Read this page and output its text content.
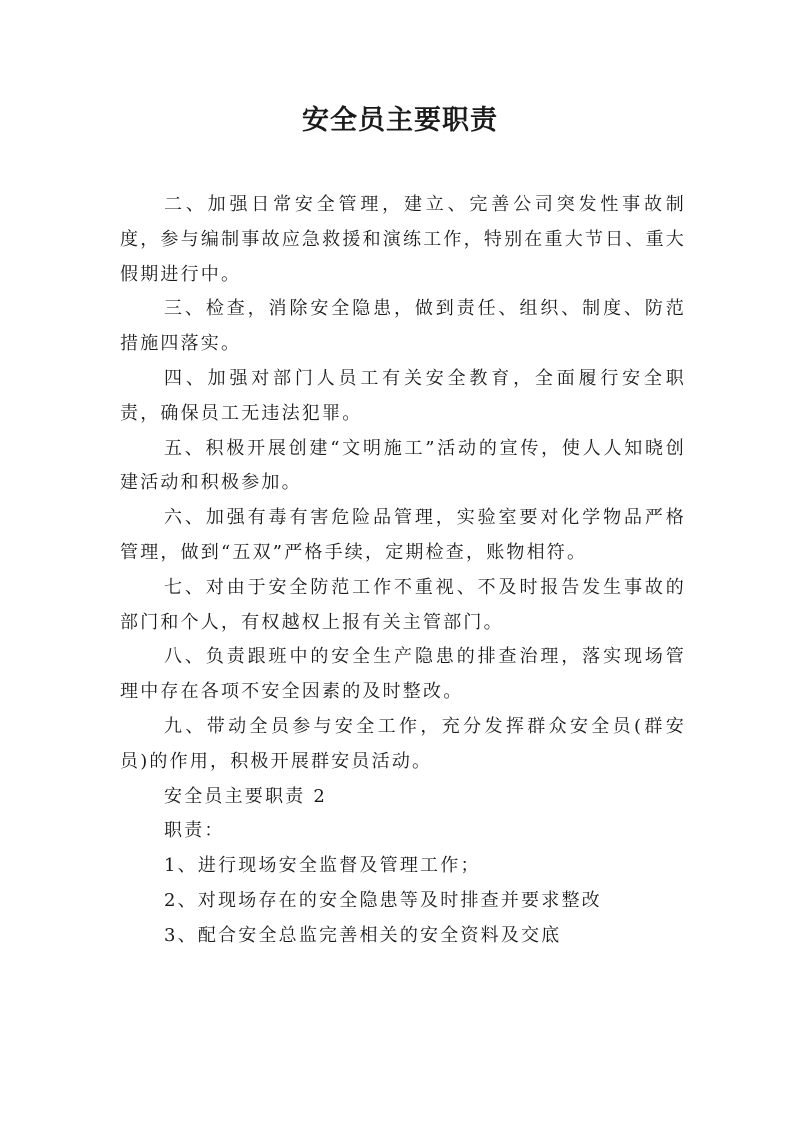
安全员主要职责

二、加强日常安全管理，建立、完善公司突发性事故制度，参与编制事故应急救援和演练工作，特别在重大节日、重大假期进行中。

三、检查，消除安全隐患，做到责任、组织、制度、防范措施四落实。

四、加强对部门人员工有关安全教育，全面履行安全职责，确保员工无违法犯罪。

五、积极开展创建“文明施工”活动的宣传，使人人知晓创建活动和积极参加。

六、加强有毒有害危险品管理，实验室要对化学物品严格管理，做到“五双”严格手续，定期检查，账物相符。

七、对由于安全防范工作不重视、不及时报告发生事故的部门和个人，有权越权上报有关主管部门。

八、负责跟班中的安全生产隐患的排查治理，落实现场管理中存在各项不安全因素的及时整改。

九、带动全员参与安全工作，充分发挥群众安全员(群安员)的作用，积极开展群安员活动。

安全员主要职责 2

职责：

1、进行现场安全监督及管理工作；

2、对现场存在的安全隐患等及时排查并要求整改

3、配合安全总监完善相关的安全资料及交底
